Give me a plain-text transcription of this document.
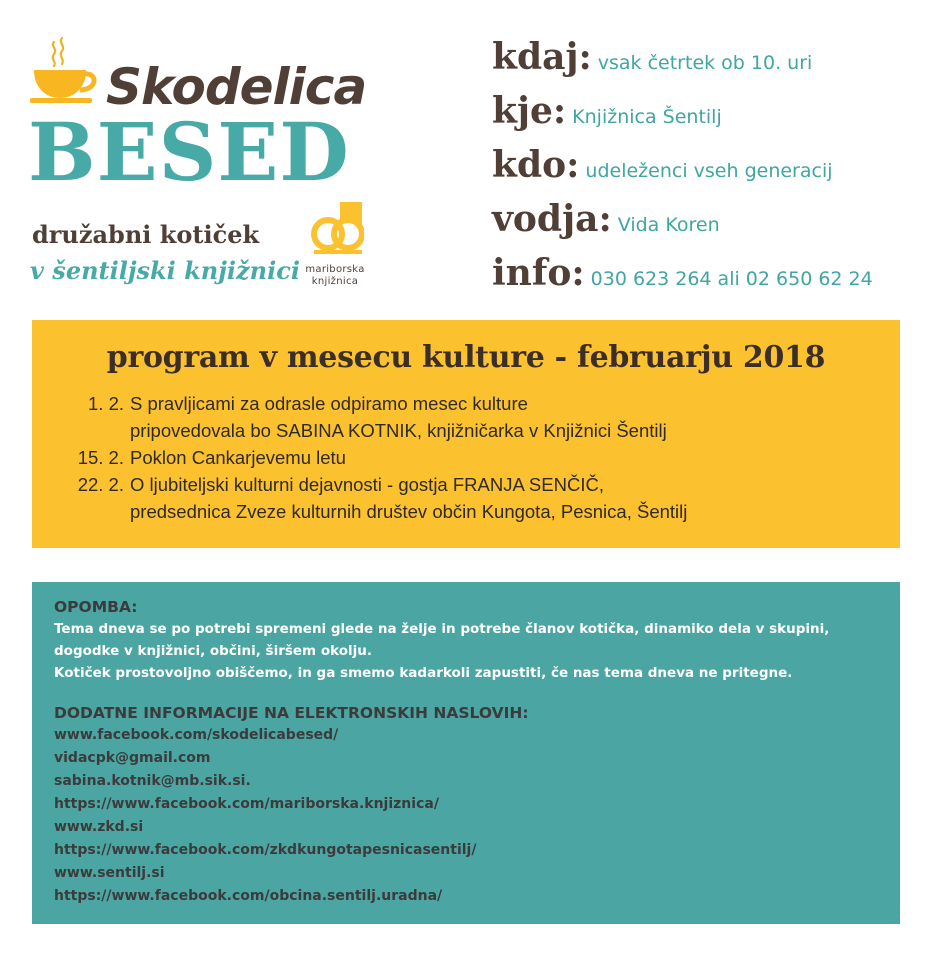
Skodelica
BESED
družabni kotiček
v šentiljski knjižnici mariborska
knjižnica
kdaj: vsak četrtek ob 10. uri
kje: Knjižnica Šentilj
kdo: udeleženci vseh generacij
vodja: Vida Koren
info: 030 623 264 ali 02 650 62 24
program v mesecu kulture - februarju 2018
1. 2. S pravljicami za odrasle odpiramo mesec kulture
pripovedovala bo SABINA KOTNIK, knjižničarka v Knjižnici Šentilj
15. 2. Poklon Cankarjevemu letu
22. 2. O ljubiteljski kulturni dejavnosti - gostja FRANJA SENČIČ,
predsednica Zveze kulturnih društev občin Kungota, Pesnica, Šentilj
OPOMBA:
Tema dneva se po potrebi spremeni glede na želje in potrebe članov kotička, dinamiko dela v skupini,
dogodke v knjižnici, občini, širšem okolju.
Kotiček prostovoljno obiščemo, in ga smemo kadarkoli zapustiti, če nas tema dneva ne pritegne.
DODATNE INFORMACIJE NA ELEKTRONSKIH NASLOVIH:
www.facebook.com/skodelicabesed/
vidacpk@gmail.com
sabina.kotnik@mb.sik.si.
https://www.facebook.com/mariborska.knjiznica/
www.zkd.si
https://www.facebook.com/zkdkungotapesnicasentilj/
www.sentilj.si
https://www.facebook.com/obcina.sentilj.uradna/
